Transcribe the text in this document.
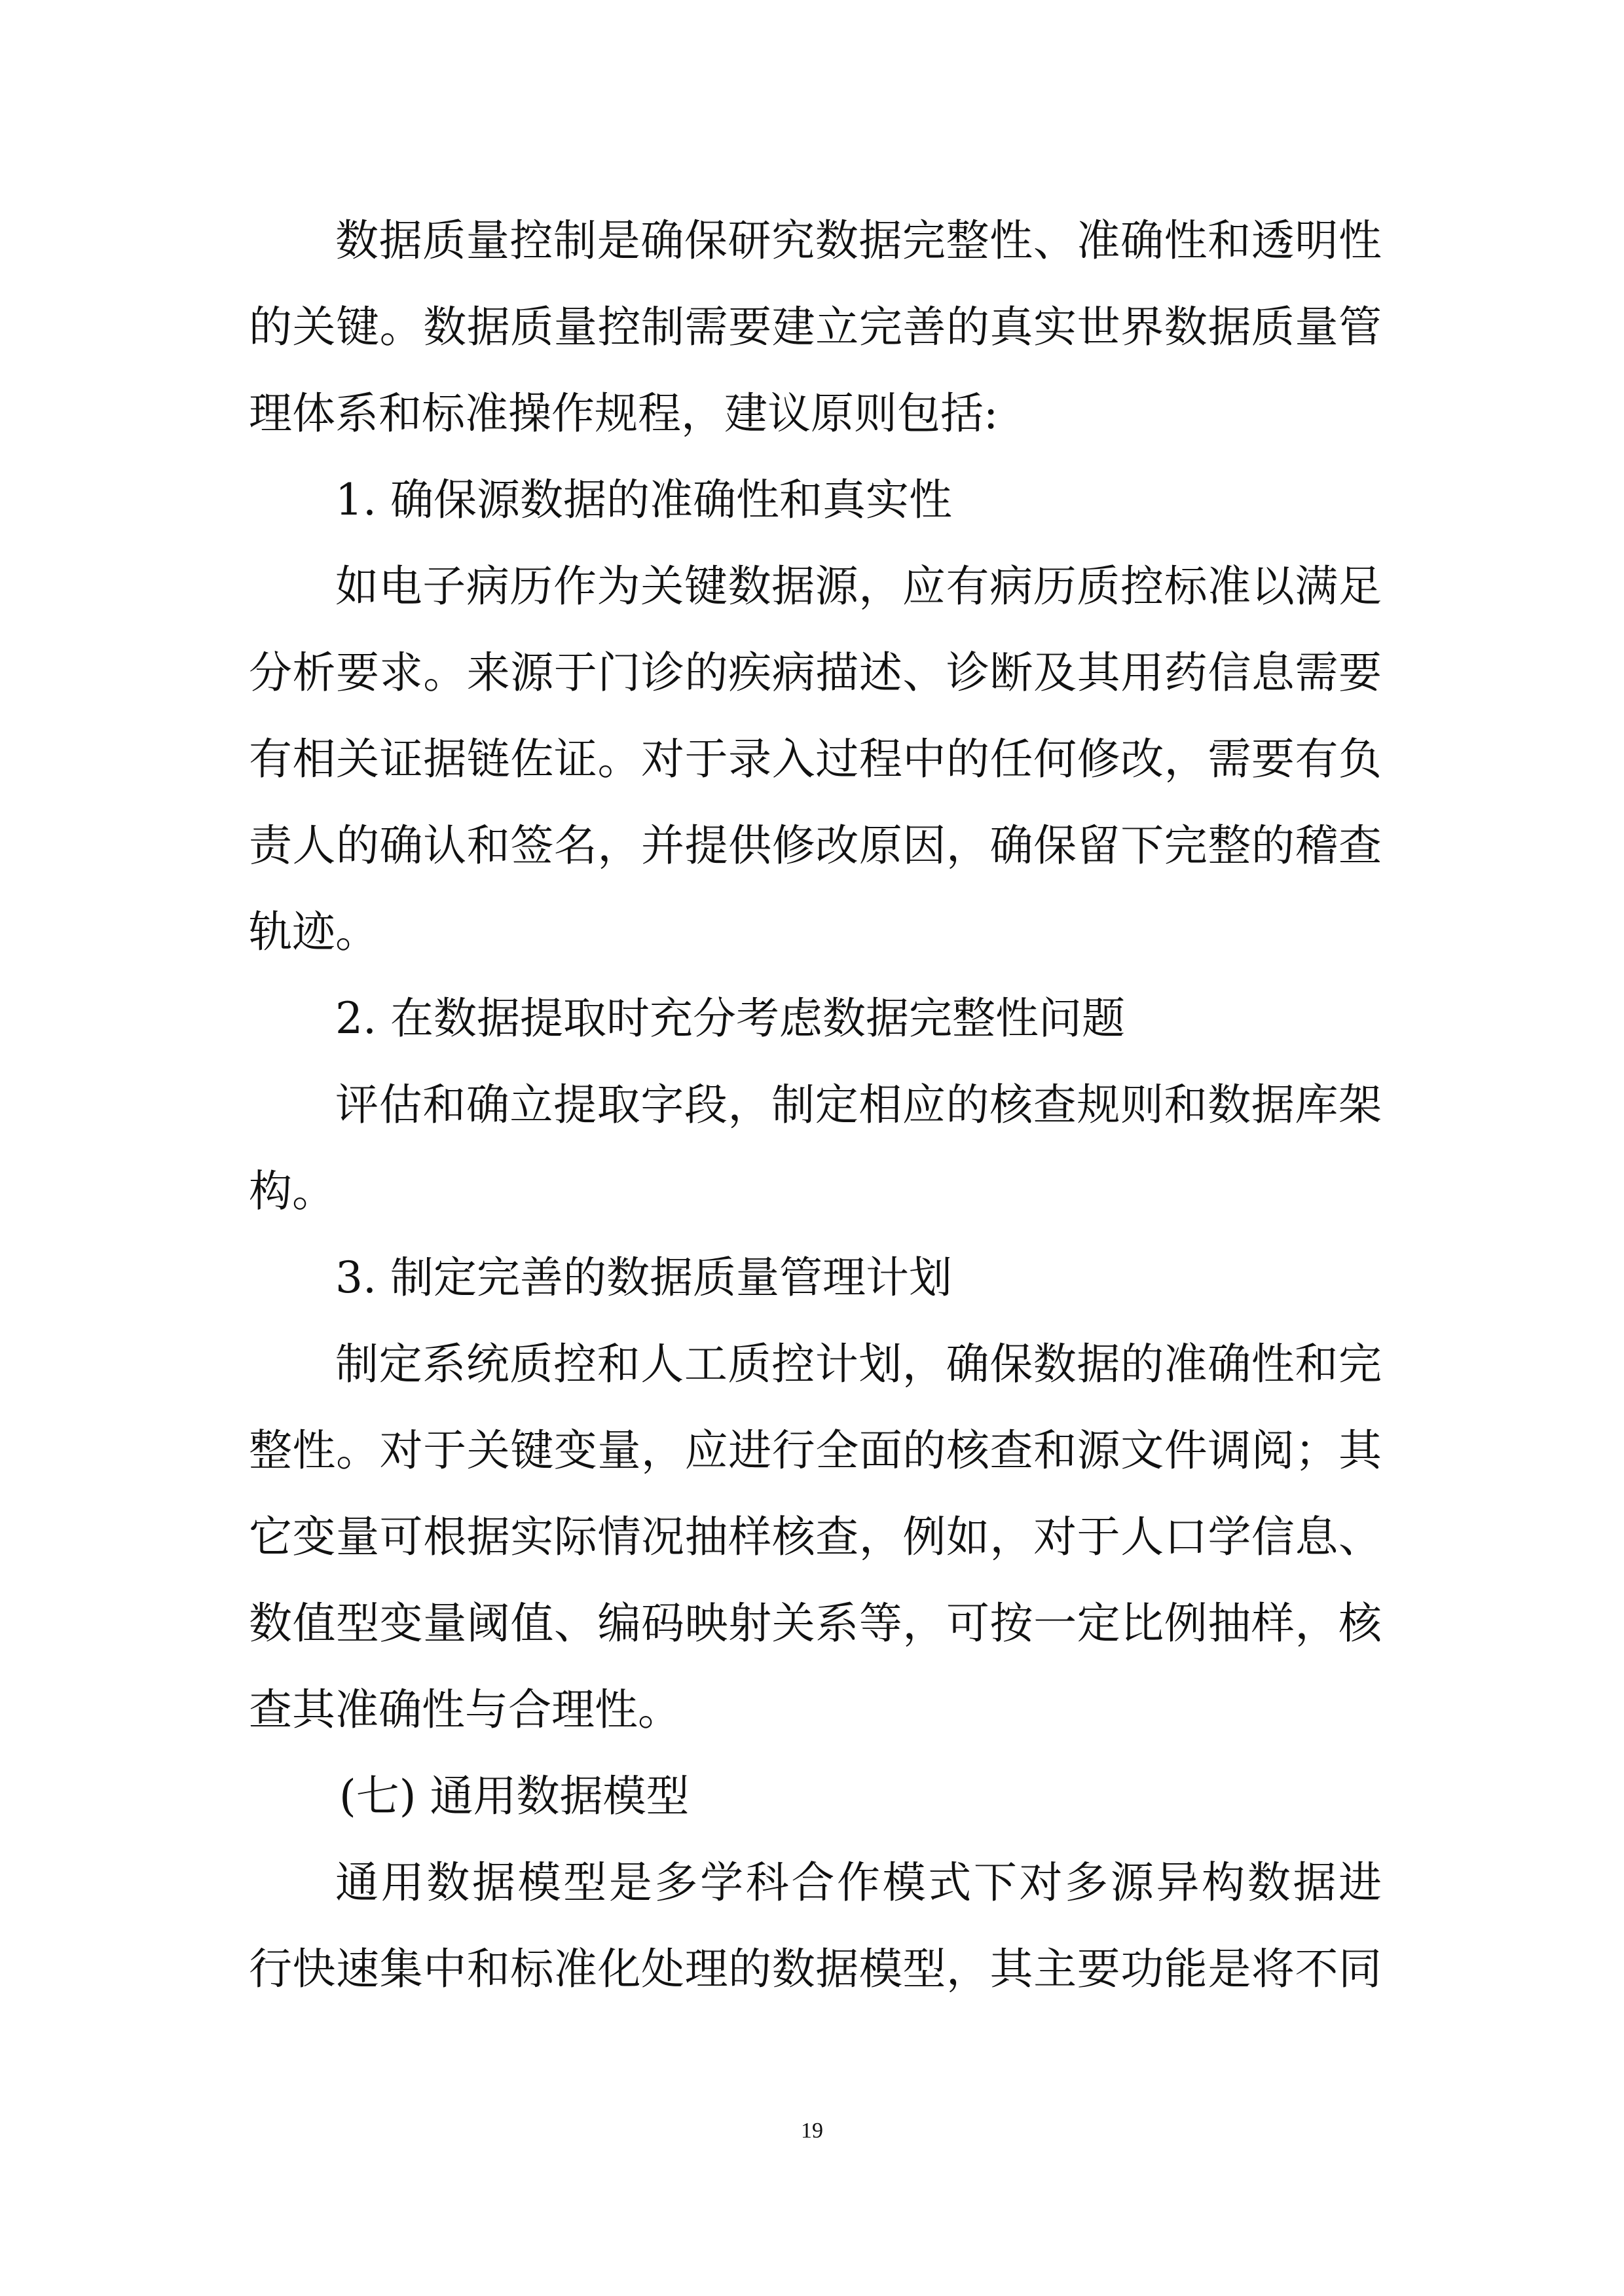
数据质量控制是确保研究数据完整性、准确性和透明性
的关键。数据质量控制需要建立完善的真实世界数据质量管
理体系和标准操作规程，建议原则包括:
1. 确保源数据的准确性和真实性
如电子病历作为关键数据源，应有病历质控标准以满足
分析要求。来源于门诊的疾病描述、诊断及其用药信息需要
有相关证据链佐证。对于录入过程中的任何修改，需要有负
责人的确认和签名，并提供修改原因，确保留下完整的稽查
轨迹。
2. 在数据提取时充分考虑数据完整性问题
评估和确立提取字段，制定相应的核查规则和数据库架
构。
3. 制定完善的数据质量管理计划
制定系统质控和人工质控计划，确保数据的准确性和完
整性。对于关键变量，应进行全面的核查和源文件调阅；其
它变量可根据实际情况抽样核查，例如，对于人口学信息、
数值型变量阈值、编码映射关系等，可按一定比例抽样，核
查其准确性与合理性。
(七) 通用数据模型
通用数据模型是多学科合作模式下对多源异构数据进
行快速集中和标准化处理的数据模型，其主要功能是将不同
19
